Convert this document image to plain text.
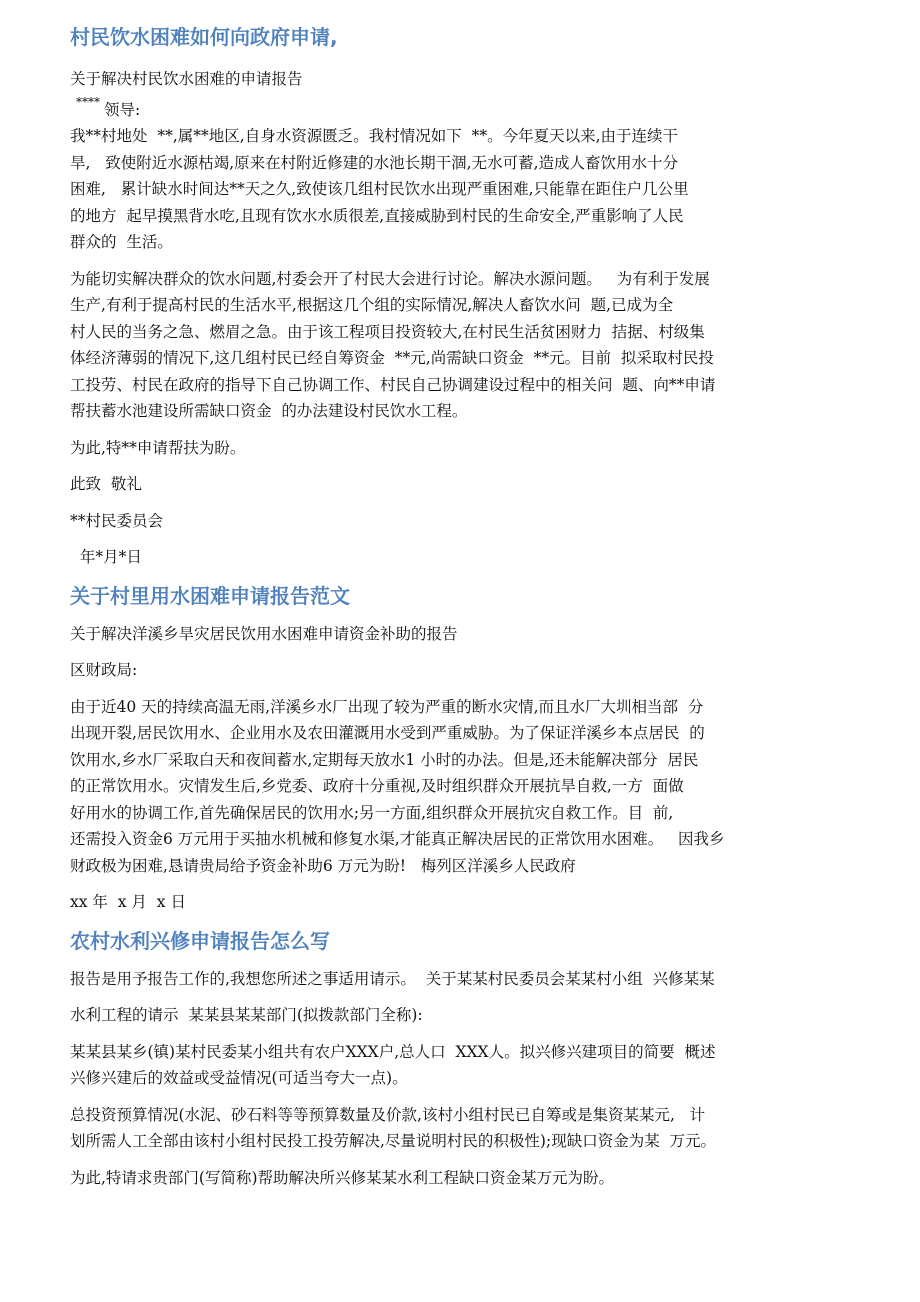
村民饮水困难如何向政府申请,

关于解决村民饮水困难的申请报告

**** 领导:

我**村地处  **,属**地区,自身水资源匮乏。我村情况如下  **。今年夏天以来,由于连续干

旱,   致使附近水源枯竭,原来在村附近修建的水池长期干涸,无水可蓄,造成人畜饮用水十分

困难,   累计缺水时间达**天之久,致使该几组村民饮水出现严重困难,只能靠在距住户几公里

的地方  起早摸黑背水吃,且现有饮水水质很差,直接威胁到村民的生命安全,严重影响了人民

群众的  生活。

为能切实解决群众的饮水问题,村委会开了村民大会进行讨论。解决水源问题。   为有利于发展

生产,有利于提高村民的生活水平,根据这几个组的实际情况,解决人畜饮水问  题,已成为全

村人民的当务之急、燃眉之急。由于该工程项目投资较大,在村民生活贫困财力  拮据、村级集

体经济薄弱的情况下,这几组村民已经自筹资金  **元,尚需缺口资金  **元。目前  拟采取村民投

工投劳、村民在政府的指导下自己协调工作、村民自己协调建设过程中的相关问  题、向**申请

帮扶蓄水池建设所需缺口资金  的办法建设村民饮水工程。

为此,特**申请帮扶为盼。

此致  敬礼

**村民委员会

年*月*日

关于村里用水困难申请报告范文

关于解决洋溪乡旱灾居民饮用水困难申请资金补助的报告

区财政局:

由于近40 天的持续高温无雨,洋溪乡水厂出现了较为严重的断水灾情,而且水厂大圳相当部  分

出现开裂,居民饮用水、企业用水及农田灌溉用水受到严重威胁。为了保证洋溪乡本点居民  的

饮用水,乡水厂采取白天和夜间蓄水,定期每天放水1 小时的办法。但是,还未能解决部分  居民

的正常饮用水。灾情发生后,乡党委、政府十分重视,及时组织群众开展抗旱自救,一方  面做

好用水的协调工作,首先确保居民的饮用水;另一方面,组织群众开展抗灾自救工作。目  前,

还需投入资金6 万元用于买抽水机械和修复水渠,才能真正解决居民的正常饮用水困难。   因我乡

财政极为困难,恳请贵局给予资金补助6 万元为盼!   梅列区洋溪乡人民政府

xx 年  x 月  x 日

农村水利兴修申请报告怎么写

报告是用予报告工作的,我想您所述之事适用请示。  关于某某村民委员会某某村小组  兴修某某

水利工程的请示  某某县某某部门(拟拨款部门全称):

某某县某乡(镇)某村民委某小组共有农户XXX户,总人口  XXX人。拟兴修兴建项目的简要  概述

兴修兴建后的效益或受益情况(可适当夸大一点)。

总投资预算情况(水泥、砂石料等等预算数量及价款,该村小组村民已自筹或是集资某某元,   计

划所需人工全部由该村小组村民投工投劳解决,尽量说明村民的积极性);现缺口资金为某  万元。

为此,特请求贵部门(写简称)帮助解决所兴修某某水利工程缺口资金某万元为盼。
